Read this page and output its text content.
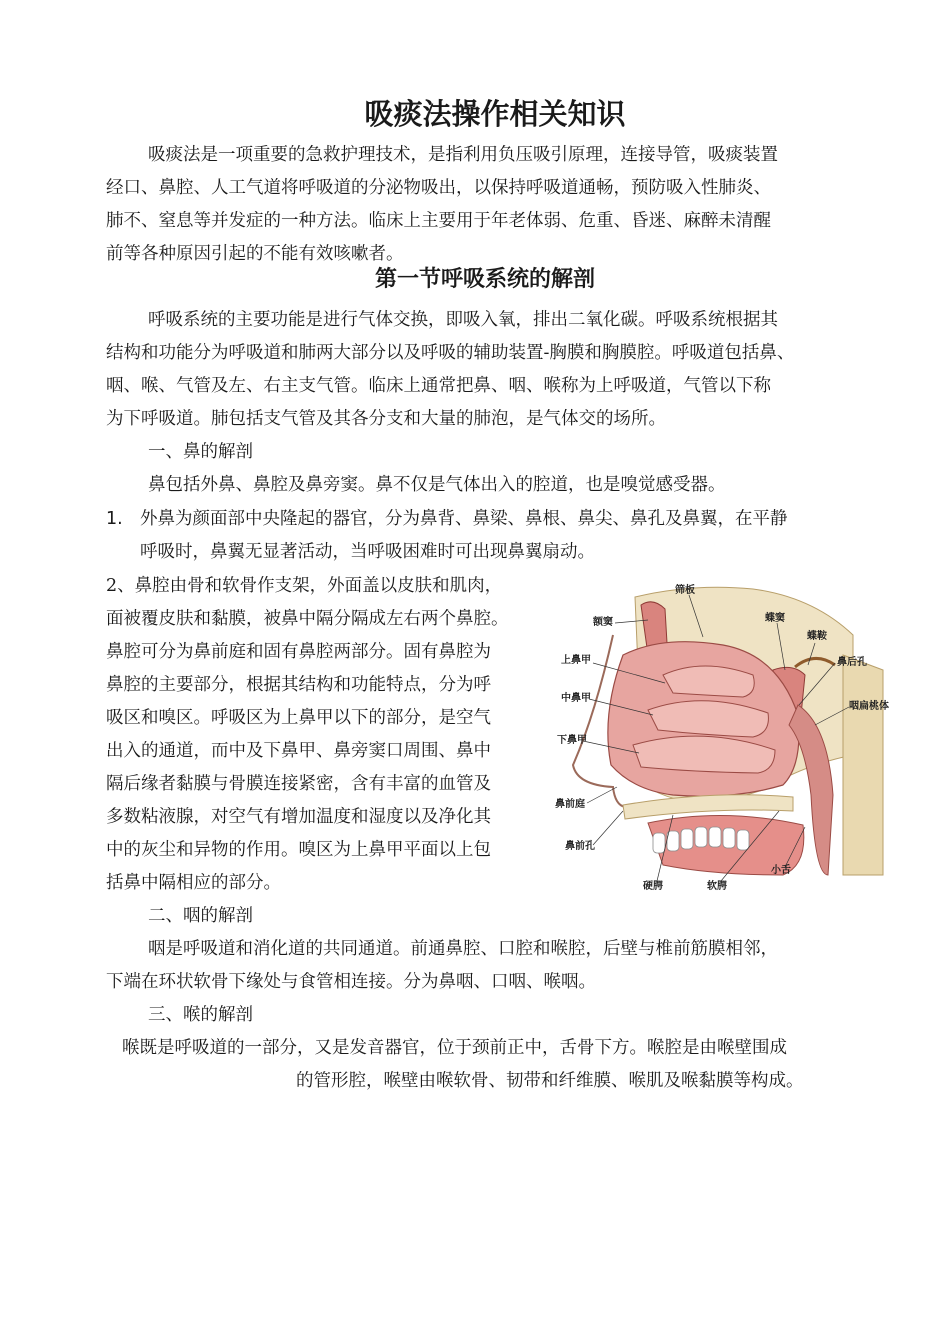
吸痰法操作相关知识
吸痰法是一项重要的急救护理技术，是指利用负压吸引原理，连接导管，吸痰装置
经口、鼻腔、人工气道将呼吸道的分泌物吸出，以保持呼吸道通畅，预防吸入性肺炎、
肺不、窒息等并发症的一种方法。临床上主要用于年老体弱、危重、昏迷、麻醉未清醒
前等各种原因引起的不能有效咳嗽者。
第一节呼吸系统的解剖
呼吸系统的主要功能是进行气体交换，即吸入氧，排出二氧化碳。呼吸系统根据其
结构和功能分为呼吸道和肺两大部分以及呼吸的辅助装置-胸膜和胸膜腔。呼吸道包括鼻、
咽、喉、气管及左、右主支气管。临床上通常把鼻、咽、喉称为上呼吸道，气管以下称
为下呼吸道。肺包括支气管及其各分支和大量的肺泡，是气体交的场所。
一、鼻的解剖
鼻包括外鼻、鼻腔及鼻旁窦。鼻不仅是气体出入的腔道，也是嗅觉感受器。
1. 外鼻为颜面部中央隆起的器官，分为鼻背、鼻梁、鼻根、鼻尖、鼻孔及鼻翼，在平静
呼吸时，鼻翼无显著活动，当呼吸困难时可出现鼻翼扇动。
2、鼻腔由骨和软骨作支架，外面盖以皮肤和肌肉，
面被覆皮肤和黏膜，被鼻中隔分隔成左右两个鼻腔。
鼻腔可分为鼻前庭和固有鼻腔两部分。固有鼻腔为
鼻腔的主要部分，根据其结构和功能特点，分为呼
吸区和嗅区。呼吸区为上鼻甲以下的部分，是空气
出入的通道，而中及下鼻甲、鼻旁窦口周围、鼻中
隔后缘者黏膜与骨膜连接紧密，含有丰富的血管及
多数粘液腺，对空气有增加温度和湿度以及净化其
中的灰尘和异物的作用。嗅区为上鼻甲平面以上包
括鼻中隔相应的部分。
筛板
额窦	蝶窦
蝶鞍
上鼻甲	鼻后孔
中鼻甲
咽扁桃体
下鼻甲
鼻前庭
鼻前孔
硬腭	软腭
小舌
二、咽的解剖
咽是呼吸道和消化道的共同通道。前通鼻腔、口腔和喉腔，后壁与椎前筋膜相邻，
下端在环状软骨下缘处与食管相连接。分为鼻咽、口咽、喉咽。
三、喉的解剖
喉既是呼吸道的一部分，又是发音器官，位于颈前正中，舌骨下方。喉腔是由喉壁围成
的管形腔，喉壁由喉软骨、韧带和纤维膜、喉肌及喉黏膜等构成。
